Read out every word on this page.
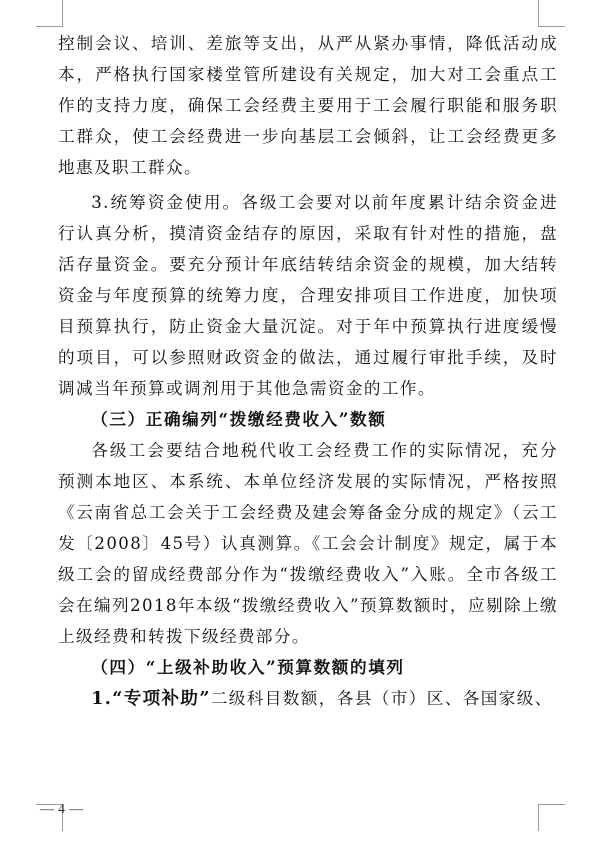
控制会议、培训、差旅等支出，从严从紧办事情，降低活动成本，严格执行国家楼堂管所建设有关规定，加大对工会重点工作的支持力度，确保工会经费主要用于工会履行职能和服务职工群众，使工会经费进一步向基层工会倾斜，让工会经费更多地惠及职工群众。

3.统筹资金使用。各级工会要对以前年度累计结余资金进行认真分析，摸清资金结存的原因，采取有针对性的措施，盘活存量资金。要充分预计年底结转结余资金的规模，加大结转资金与年度预算的统筹力度，合理安排项目工作进度，加快项目预算执行，防止资金大量沉淀。对于年中预算执行进度缓慢的项目，可以参照财政资金的做法，通过履行审批手续，及时调减当年预算或调剂用于其他急需资金的工作。

（三）正确编列“拨缴经费收入”数额

各级工会要结合地税代收工会经费工作的实际情况，充分预测本地区、本系统、本单位经济发展的实际情况，严格按照《云南省总工会关于工会经费及建会筹备金分成的规定》（云工发〔2008〕45号）认真测算。《工会会计制度》规定，属于本级工会的留成经费部分作为“拨缴经费收入”入账。全市各级工会在编列2018年本级“拨缴经费收入”预算数额时，应剔除上缴上级经费和转拨下级经费部分。

（四）“上级补助收入”预算数额的填列

1.“专项补助”二级科目数额，各县（市）区、各国家级、

— 4 —
